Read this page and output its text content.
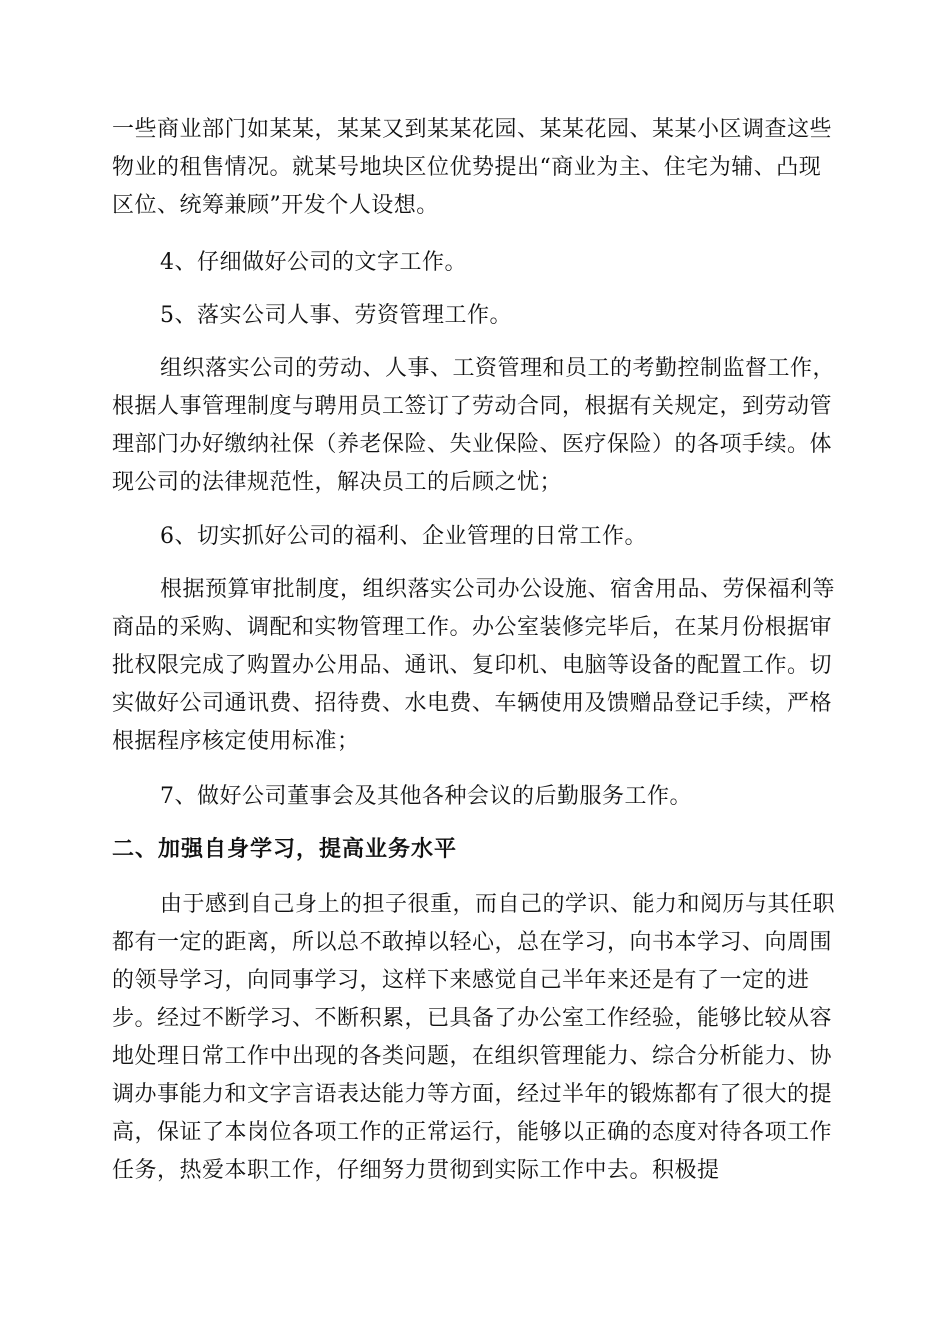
一些商业部门如某某，某某又到某某花园、某某花园、某某小区调查这些
物业的租售情况。就某号地块区位优势提出“商业为主、住宅为辅、凸现
区位、统筹兼顾”开发个人设想。
4、仔细做好公司的文字工作。
5、落实公司人事、劳资管理工作。
组织落实公司的劳动、人事、工资管理和员工的考勤控制监督工作，
根据人事管理制度与聘用员工签订了劳动合同，根据有关规定，到劳动管
理部门办好缴纳社保（养老保险、失业保险、医疗保险）的各项手续。体
现公司的法律规范性，解决员工的后顾之忧；
6、切实抓好公司的福利、企业管理的日常工作。
根据预算审批制度，组织落实公司办公设施、宿舍用品、劳保福利等
商品的采购、调配和实物管理工作。办公室装修完毕后，在某月份根据审
批权限完成了购置办公用品、通讯、复印机、电脑等设备的配置工作。切
实做好公司通讯费、招待费、水电费、车辆使用及馈赠品登记手续，严格
根据程序核定使用标准；
7、做好公司董事会及其他各种会议的后勤服务工作。
二、加强自身学习，提高业务水平
由于感到自己身上的担子很重，而自己的学识、能力和阅历与其任职
都有一定的距离，所以总不敢掉以轻心，总在学习，向书本学习、向周围
的领导学习，向同事学习，这样下来感觉自己半年来还是有了一定的进
步。经过不断学习、不断积累，已具备了办公室工作经验，能够比较从容
地处理日常工作中出现的各类问题，在组织管理能力、综合分析能力、协
调办事能力和文字言语表达能力等方面，经过半年的锻炼都有了很大的提
高，保证了本岗位各项工作的正常运行，能够以正确的态度对待各项工作
任务，热爱本职工作，仔细努力贯彻到实际工作中去。积极提
